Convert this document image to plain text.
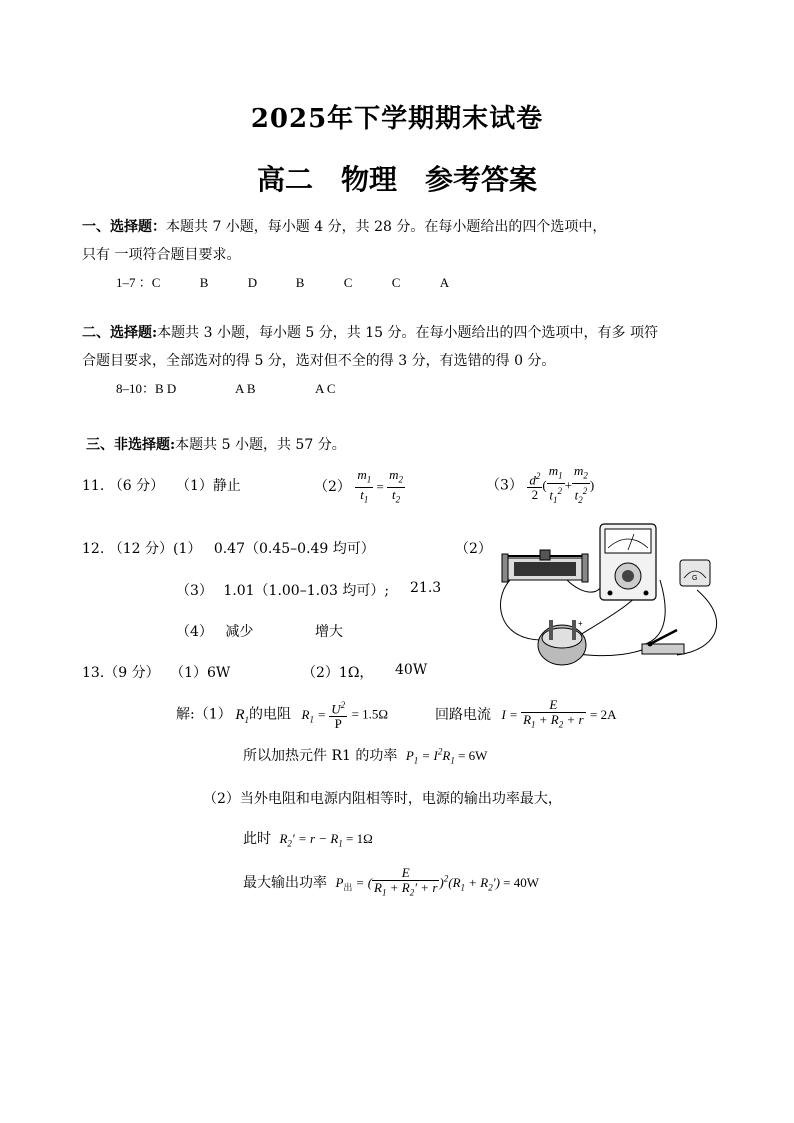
2025年下学期期末试卷
高二　物理　参考答案
一、选择题：本题共 7 小题，每小题 4 分，共 28 分。在每小题给出的四个选项中，
只有 一项符合题目要求。
1–7 ：C	B	D	B	C	C	A
二、选择题:本题共 3 小题，每小题 5 分，共 15 分。在每小题给出的四个选项中，有多 项符
合题目要求，全部选对的得 5 分，选对但不全的得 3 分，有选错的得 0 分。
8–10：B D	A B	A C
三、非选择题:本题共 5 小题，共 57 分。
11. （6 分） （1）静止	$(2) \frac{m_1}{t_1} = \frac{m_2}{t_2}$	$(3) \frac{d^2}{2}$ ( $\frac{m_1}{t_1^2} + \frac{m_2}{t_2^2}$ )
12. （12 分）(1） 0.47（0.45–0.49 均可）	（2）
（3） 1.01（1.00–1.03 均可）; 21.3
（4） 减少	增大
G
+
13.（9 分） （1）6W	（2）1Ω， 40W
解:（1） $R_1$的电阻 $R_1 = \frac{U^2}{P} = 1.5\Omega$	回路电流 $I = \frac{E}{R_1 + R_2 + r} = 2A$
所以加热元件 R1 的功率 $P_1 = I^2R_1 = 6W$
（2）当外电阻和电源内阻相等时，电源的输出功率最大，
此时 $R_2' = r - R_1 = 1\Omega$
最大输出功率 $P_出$ = ( $\frac{E}{R_1 + R_2' + r} )^2(R_1 + R_2') = 40W$
